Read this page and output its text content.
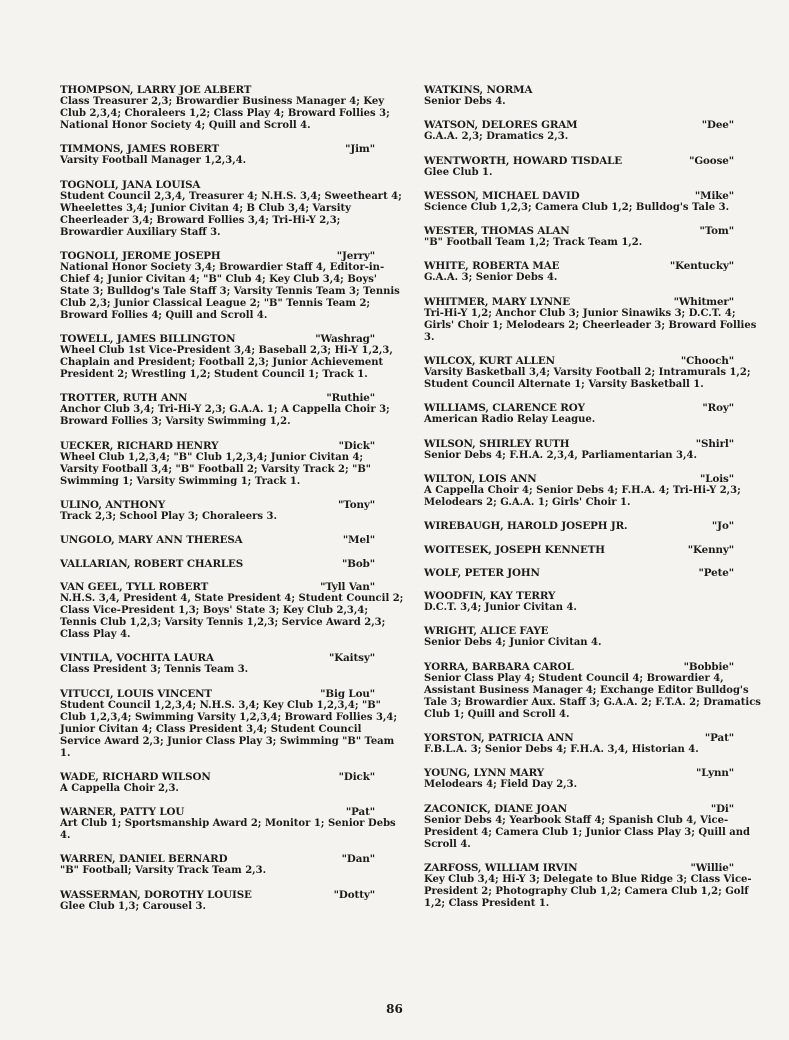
THOMPSON, LARRY JOE ALBERT
Class Treasurer 2,3; Browardier Business Manager 4; Key Club 2,3,4; Choraleers 1,2; Class Play 4; Broward Follies 3; National Honor Society 4; Quill and Scroll 4.
TIMMONS, JAMES ROBERT	"Jim"
Varsity Football Manager 1,2,3,4.
TOGNOLI, JANA LOUISA
Student Council 2,3,4, Treasurer 4; N.H.S. 3,4; Sweetheart 4; Wheelettes 3,4; Junior Civitan 4; B Club 3,4; Varsity Cheerleader 3,4; Broward Follies 3,4; Tri-Hi-Y 2,3; Browardier Auxiliary Staff 3.
TOGNOLI, JEROME JOSEPH	"Jerry"
National Honor Society 3,4; Browardier Staff 4, Editor-in-Chief 4; Junior Civitan 4; "B" Club 4; Key Club 3,4; Boys' State 3; Bulldog's Tale Staff 3; Varsity Tennis Team 3; Tennis Club 2,3; Junior Classical League 2; "B" Tennis Team 2; Broward Follies 4; Quill and Scroll 4.
TOWELL, JAMES BILLINGTON	"Washrag"
Wheel Club 1st Vice-President 3,4; Baseball 2,3; Hi-Y 1,2,3, Chaplain and President; Football 2,3; Junior Achievement President 2; Wrestling 1,2; Student Council 1; Track 1.
TROTTER, RUTH ANN	"Ruthie"
Anchor Club 3,4; Tri-Hi-Y 2,3; G.A.A. 1; A Cappella Choir 3; Broward Follies 3; Varsity Swimming 1,2.
UECKER, RICHARD HENRY	"Dick"
Wheel Club 1,2,3,4; "B" Club 1,2,3,4; Junior Civitan 4; Varsity Football 3,4; "B" Football 2; Varsity Track 2; "B" Swimming 1; Varsity Swimming 1; Track 1.
ULINO, ANTHONY	"Tony"
Track 2,3; School Play 3; Choraleers 3.
UNGOLO, MARY ANN THERESA	"Mel"
VALLARIAN, ROBERT CHARLES	"Bob"
VAN GEEL, TYLL ROBERT	"Tyll Van"
N.H.S. 3,4, President 4, State President 4; Student Council 2; Class Vice-President 1,3; Boys' State 3; Key Club 2,3,4; Tennis Club 1,2,3; Varsity Tennis 1,2,3; Service Award 2,3; Class Play 4.
VINTILA, VOCHITA LAURA	"Kaitsy"
Class President 3; Tennis Team 3.
VITUCCI, LOUIS VINCENT	"Big Lou"
Student Council 1,2,3,4; N.H.S. 3,4; Key Club 1,2,3,4; "B" Club 1,2,3,4; Swimming Varsity 1,2,3,4; Broward Follies 3,4; Junior Civitan 4; Class President 3,4; Student Council Service Award 2,3; Junior Class Play 3; Swimming "B" Team 1.
WADE, RICHARD WILSON	"Dick"
A Cappella Choir 2,3.
WARNER, PATTY LOU	"Pat"
Art Club 1; Sportsmanship Award 2; Monitor 1; Senior Debs 4.
WARREN, DANIEL BERNARD	"Dan"
"B" Football; Varsity Track Team 2,3.
WASSERMAN, DOROTHY LOUISE	"Dotty"
Glee Club 1,3; Carousel 3.
WATKINS, NORMA
Senior Debs 4.
WATSON, DELORES GRAM	"Dee"
G.A.A. 2,3; Dramatics 2,3.
WENTWORTH, HOWARD TISDALE	"Goose"
Glee Club 1.
WESSON, MICHAEL DAVID	"Mike"
Science Club 1,2,3; Camera Club 1,2; Bulldog's Tale 3.
WESTER, THOMAS ALAN	"Tom"
"B" Football Team 1,2; Track Team 1,2.
WHITE, ROBERTA MAE	"Kentucky"
G.A.A. 3; Senior Debs 4.
WHITMER, MARY LYNNE	"Whitmer"
Tri-Hi-Y 1,2; Anchor Club 3; Junior Sinawiks 3; D.C.T. 4; Girls' Choir 1; Melodears 2; Cheerleader 3; Broward Follies 3.
WILCOX, KURT ALLEN	"Chooch"
Varsity Basketball 3,4; Varsity Football 2; Intramurals 1,2; Student Council Alternate 1; Varsity Basketball 1.
WILLIAMS, CLARENCE ROY	"Roy"
American Radio Relay League.
WILSON, SHIRLEY RUTH	"Shirl"
Senior Debs 4; F.H.A. 2,3,4, Parliamentarian 3,4.
WILTON, LOIS ANN	"Lois"
A Cappella Choir 4; Senior Debs 4; F.H.A. 4; Tri-Hi-Y 2,3; Melodears 2; G.A.A. 1; Girls' Choir 1.
WIREBAUGH, HAROLD JOSEPH JR.	"Jo"
WOITESEK, JOSEPH KENNETH	"Kenny"
WOLF, PETER JOHN	"Pete"
WOODFIN, KAY TERRY
D.C.T. 3,4; Junior Civitan 4.
WRIGHT, ALICE FAYE
Senior Debs 4; Junior Civitan 4.
YORRA, BARBARA CAROL	"Bobbie"
Senior Class Play 4; Student Council 4; Browardier 4, Assistant Business Manager 4; Exchange Editor Bulldog's Tale 3; Browardier Aux. Staff 3; G.A.A. 2; F.T.A. 2; Dramatics Club 1; Quill and Scroll 4.
YORSTON, PATRICIA ANN	"Pat"
F.B.L.A. 3; Senior Debs 4; F.H.A. 3,4, Historian 4.
YOUNG, LYNN MARY	"Lynn"
Melodears 4; Field Day 2,3.
ZACONICK, DIANE JOAN	"Di"
Senior Debs 4; Yearbook Staff 4; Spanish Club 4, Vice-President 4; Camera Club 1; Junior Class Play 3; Quill and Scroll 4.
ZARFOSS, WILLIAM IRVIN	"Willie"
Key Club 3,4; Hi-Y 3; Delegate to Blue Ridge 3; Class Vice-President 2; Photography Club 1,2; Camera Club 1,2; Golf 1,2; Class President 1.
86
